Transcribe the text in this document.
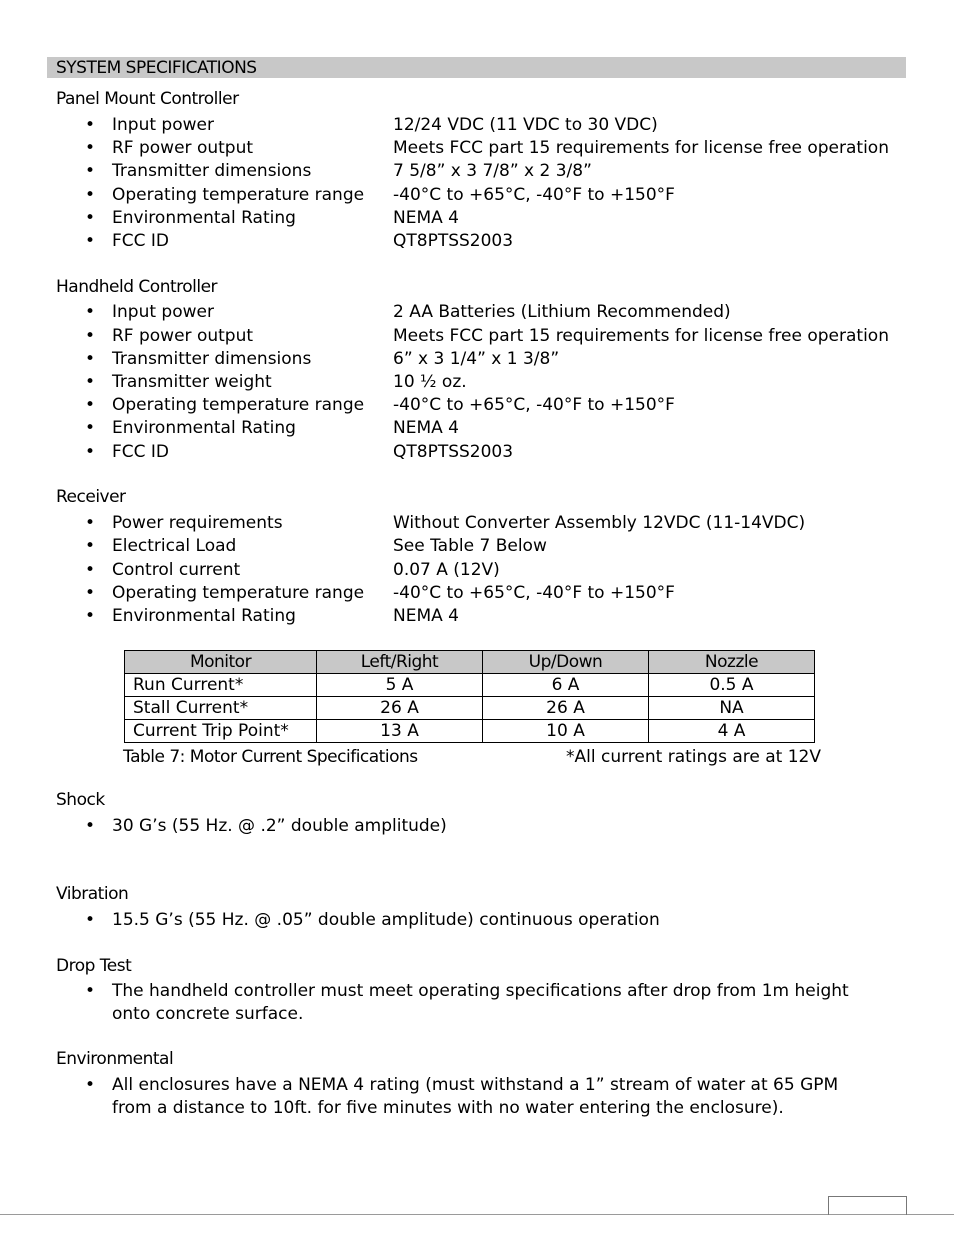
SYSTEM SPECIFICATIONS
Panel Mount Controller
• Input power	12/24 VDC (11 VDC to 30 VDC)
• RF power output	Meets FCC part 15 requirements for license free operation
• Transmitter dimensions	7 5/8” x 3 7/8” x 2 3/8”
• Operating temperature range -40°C to +65°C, -40°F to +150°F
• Environmental Rating	NEMA 4
• FCC ID	QT8PTSS2003
Handheld Controller
• Input power	2 AA Batteries (Lithium Recommended)
• RF power output	Meets FCC part 15 requirements for license free operation
• Transmitter dimensions	6” x 3 1/4” x 1 3/8”
• Transmitter weight	10 ½ oz.
• Operating temperature range -40°C to +65°C, -40°F to +150°F
• Environmental Rating	NEMA 4
• FCC ID	QT8PTSS2003
Receiver
• Power requirements	Without Converter Assembly 12VDC (11-14VDC)
• Electrical Load	See Table 7 Below
• Control current	0.07 A (12V)
• Operating temperature range -40°C to +65°C, -40°F to +150°F
• Environmental Rating	NEMA 4
Monitor	Left/Right	Up/Down	Nozzle
Run Current*	5 A	6 A	0.5 A
Stall Current*	26 A	26 A	NA
Current Trip Point*	13 A	10 A	4 A
Table 7: Motor Current Specifications	*All current ratings are at 12V
Shock
• 30 G’s (55 Hz. @ .2” double amplitude)
Vibration
• 15.5 G’s (55 Hz. @ .05” double amplitude) continuous operation
Drop Test
• The handheld controller must meet operating specifications after drop from 1m height onto concrete surface.
Environmental
• All enclosures have a NEMA 4 rating (must withstand a 1” stream of water at 65 GPM from a distance to 10ft. for five minutes with no water entering the enclosure).
